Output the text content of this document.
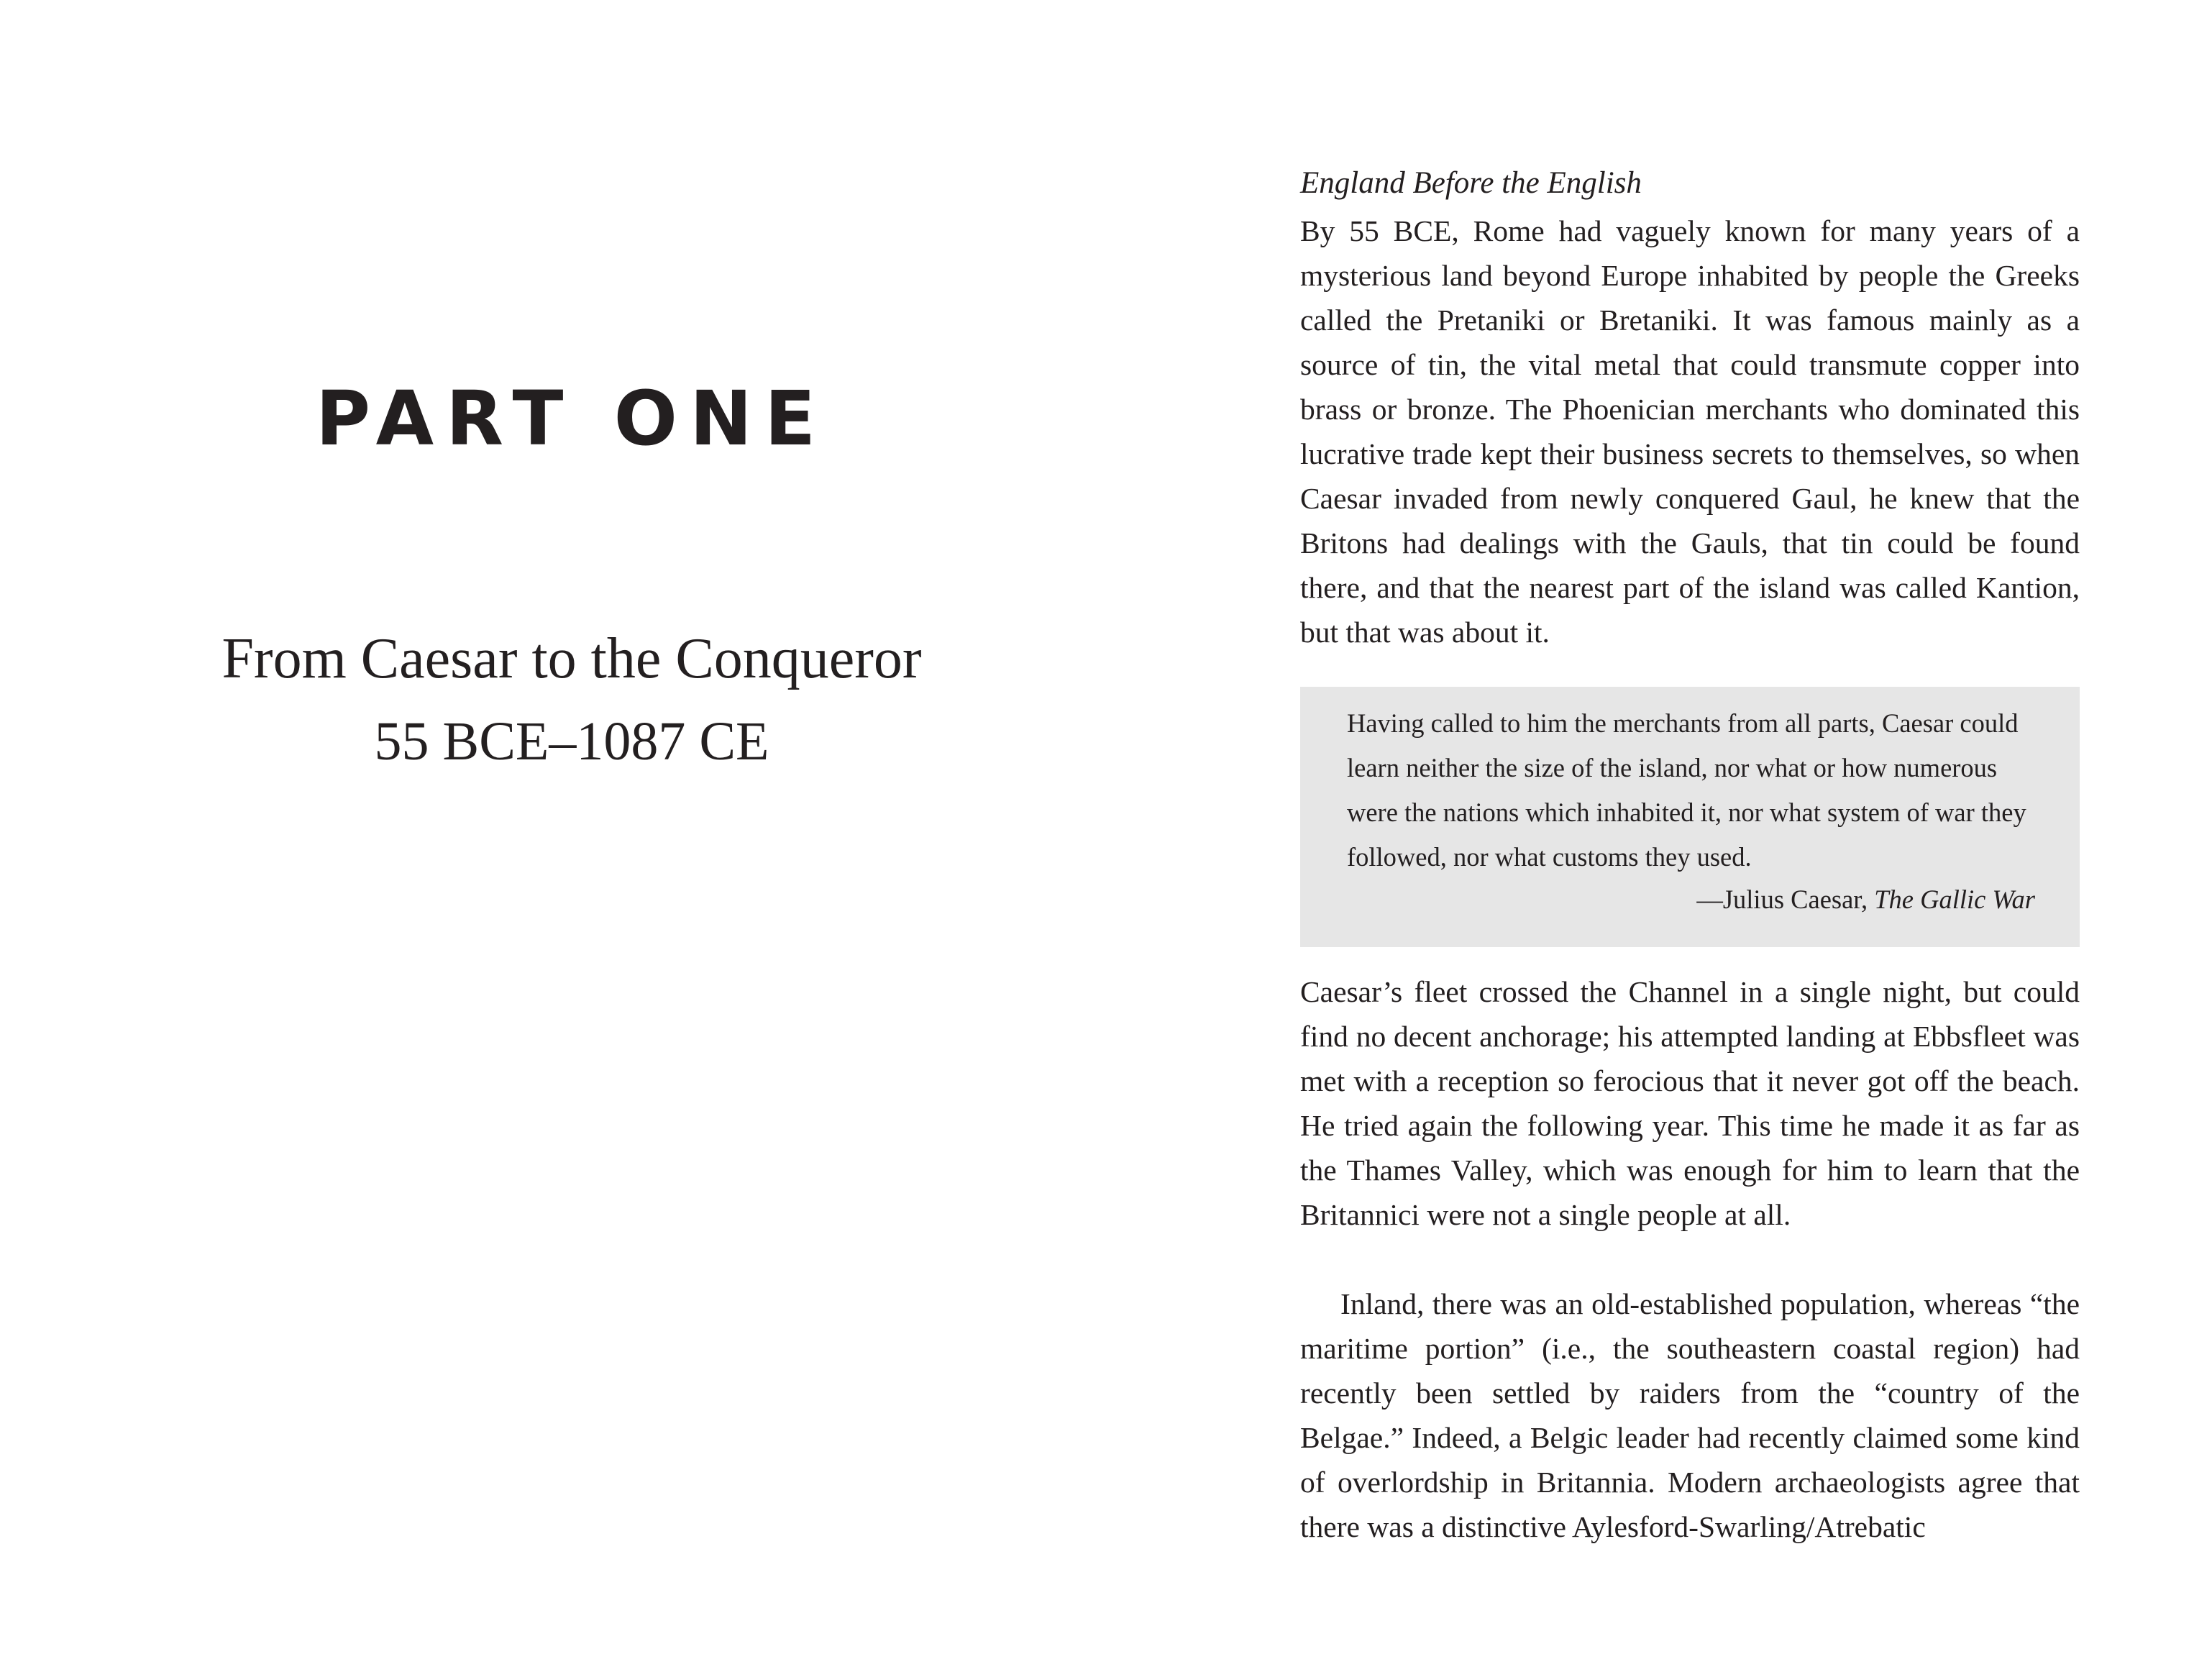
PART ONE
From Caesar to the Conqueror
55 BCE–1087 CE
England Before the English
By 55 BCE, Rome had vaguely known for many years of a mysterious land beyond Europe inhabited by people the Greeks called the Pretaniki or Bretaniki. It was famous mainly as a source of tin, the vital metal that could transmute copper into brass or bronze. The Phoenician merchants who dominated this lucrative trade kept their business secrets to themselves, so when Caesar invaded from newly conquered Gaul, he knew that the Britons had dealings with the Gauls, that tin could be found there, and that the nearest part of the island was called Kantion, but that was about it.
Having called to him the merchants from all parts, Caesar could learn neither the size of the island, nor what or how numerous were the nations which inhabited it, nor what system of war they followed, nor what customs they used.
—Julius Caesar, The Gallic War
Caesar’s fleet crossed the Channel in a single night, but could find no decent anchorage; his attempted landing at Ebbsfleet was met with a reception so ferocious that it never got off the beach. He tried again the following year. This time he made it as far as the Thames Valley, which was enough for him to learn that the Britannici were not a single people at all.
Inland, there was an old-established population, whereas “the maritime portion” (i.e., the southeastern coastal region) had recently been settled by raiders from the “country of the Belgae.” Indeed, a Belgic leader had recently claimed some kind of overlordship in Britannia. Modern archaeologists agree that there was a distinctive Aylesford-Swarling/Atrebatic
